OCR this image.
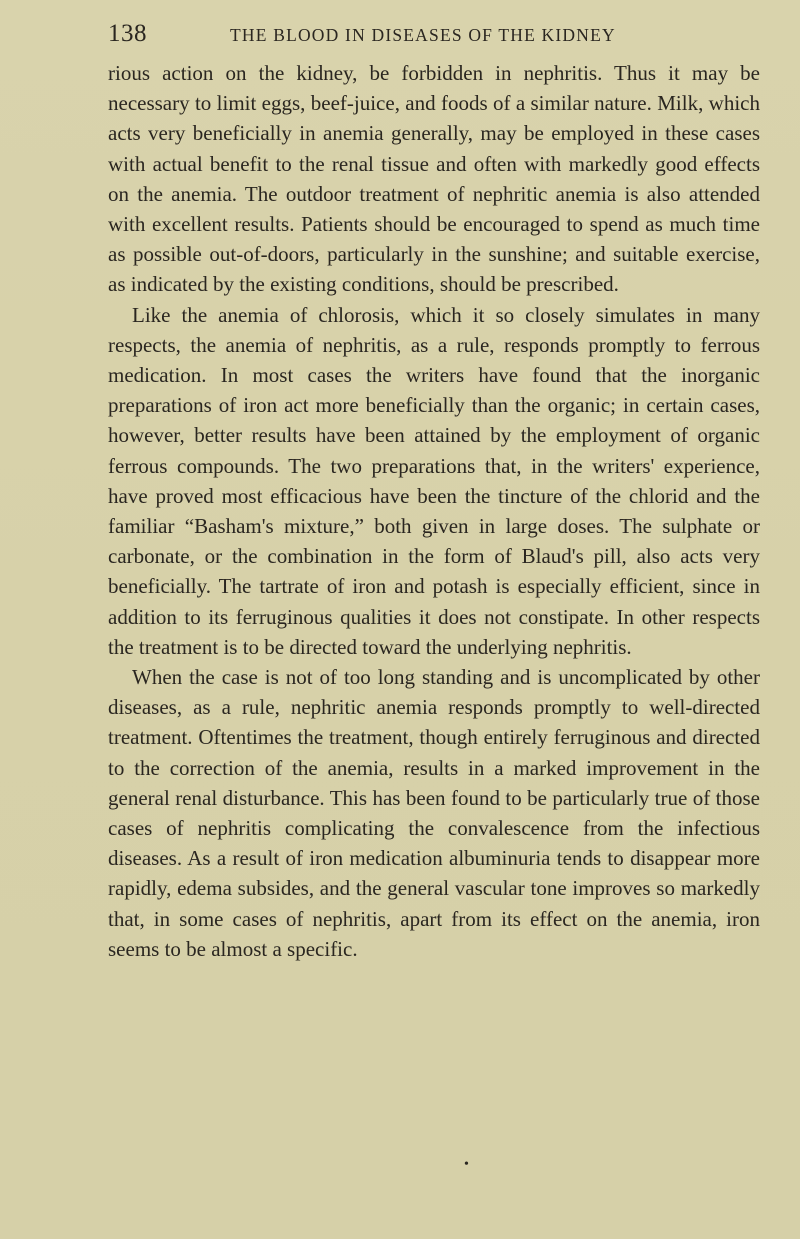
138	THE BLOOD IN DISEASES OF THE KIDNEY

rious action on the kidney, be forbidden in nephritis. Thus it may be necessary to limit eggs, beef-juice, and foods of a similar nature. Milk, which acts very beneficially in anemia generally, may be employed in these cases with actual benefit to the renal tissue and often with markedly good effects on the anemia. The outdoor treatment of nephritic anemia is also attended with excellent results. Patients should be encouraged to spend as much time as possible out-of-doors, particularly in the sunshine; and suitable exercise, as indicated by the existing conditions, should be prescribed.

Like the anemia of chlorosis, which it so closely simulates in many respects, the anemia of nephritis, as a rule, responds promptly to ferrous medication. In most cases the writers have found that the inorganic preparations of iron act more beneficially than the organic; in certain cases, however, better results have been attained by the employment of organic ferrous compounds. The two preparations that, in the writers' experience, have proved most efficacious have been the tincture of the chlorid and the familiar “Basham's mixture,” both given in large doses. The sulphate or carbonate, or the combination in the form of Blaud's pill, also acts very beneficially. The tartrate of iron and potash is especially efficient, since in addition to its ferruginous qualities it does not constipate. In other respects the treatment is to be directed toward the underlying nephritis.

When the case is not of too long standing and is uncomplicated by other diseases, as a rule, nephritic anemia responds promptly to well-directed treatment. Oftentimes the treatment, though entirely ferruginous and directed to the correction of the anemia, results in a marked improvement in the general renal disturbance. This has been found to be particularly true of those cases of nephritis complicating the convalescence from the infectious diseases. As a result of iron medication albuminuria tends to disappear more rapidly, edema subsides, and the general vascular tone improves so markedly that, in some cases of nephritis, apart from its effect on the anemia, iron seems to be almost a specific.

•
